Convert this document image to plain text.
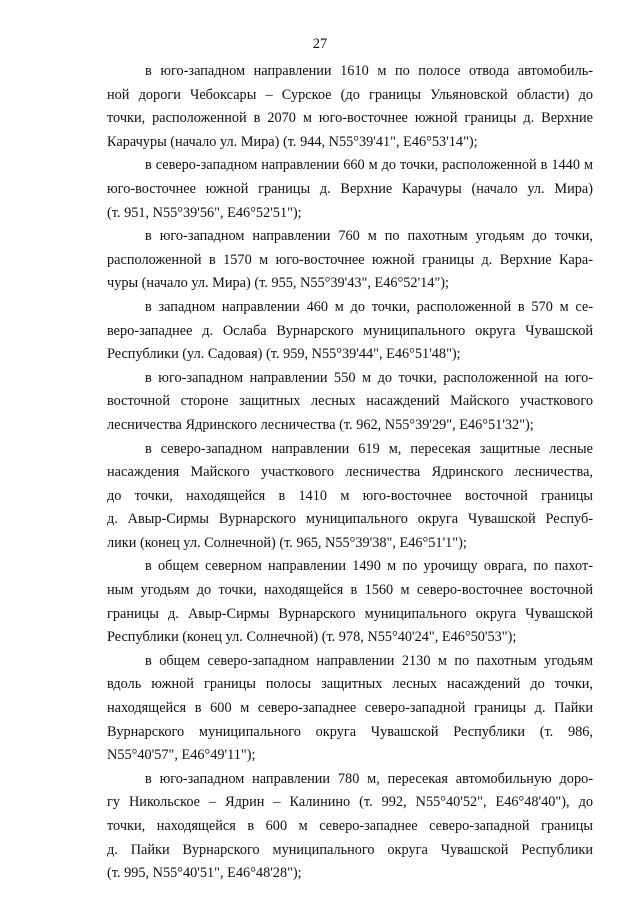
27
в юго-западном направлении 1610 м по полосе отвода автомобиль-
ной дороги Чебоксары – Сурское (до границы Ульяновской области) до
точки, расположенной в 2070 м юго-восточнее южной границы д. Верхние
Карачуры (начало ул. Мира) (т. 944, N55°39'41", E46°53'14");
в северо-западном направлении 660 м до точки, расположенной в 1440 м
юго-восточнее южной границы д. Верхние Карачуры (начало ул. Мира)
(т. 951, N55°39'56", E46°52'51");
в юго-западном направлении 760 м по пахотным угодьям до точки,
расположенной в 1570 м юго-восточнее южной границы д. Верхние Кара-
чуры (начало ул. Мира) (т. 955, N55°39'43", E46°52'14");
в западном направлении 460 м до точки, расположенной в 570 м се-
веро-западнее д. Ослаба Вурнарского муниципального округа Чувашской
Республики (ул. Садовая) (т. 959, N55°39'44", E46°51'48");
в юго-западном направлении 550 м до точки, расположенной на юго-
восточной стороне защитных лесных насаждений Майского участкового
лесничества Ядринского лесничества (т. 962, N55°39'29", E46°51'32");
в северо-западном направлении 619 м, пересекая защитные лесные
насаждения Майского участкового лесничества Ядринского лесничества,
до точки, находящейся в 1410 м юго-восточнее восточной границы
д. Авыр-Сирмы Вурнарского муниципального округа Чувашской Респуб-
лики (конец ул. Солнечной) (т. 965, N55°39'38", E46°51'1");
в общем северном направлении 1490 м по урочищу оврага, по пахот-
ным угодьям до точки, находящейся в 1560 м северо-восточнее восточной
границы д. Авыр-Сирмы Вурнарского муниципального округа Чувашской
Республики (конец ул. Солнечной) (т. 978, N55°40'24", E46°50'53");
в общем северо-западном направлении 2130 м по пахотным угодьям
вдоль южной границы полосы защитных лесных насаждений до точки,
находящейся в 600 м северо-западнее северо-западной границы д. Пайки
Вурнарского муниципального округа Чувашской Республики (т. 986,
N55°40'57", E46°49'11");
в юго-западном направлении 780 м, пересекая автомобильную доро-
гу Никольское – Ядрин – Калинино (т. 992, N55°40'52", E46°48'40"), до
точки, находящейся в 600 м северо-западнее северо-западной границы
д. Пайки Вурнарского муниципального округа Чувашской Республики
(т. 995, N55°40'51", E46°48'28");
